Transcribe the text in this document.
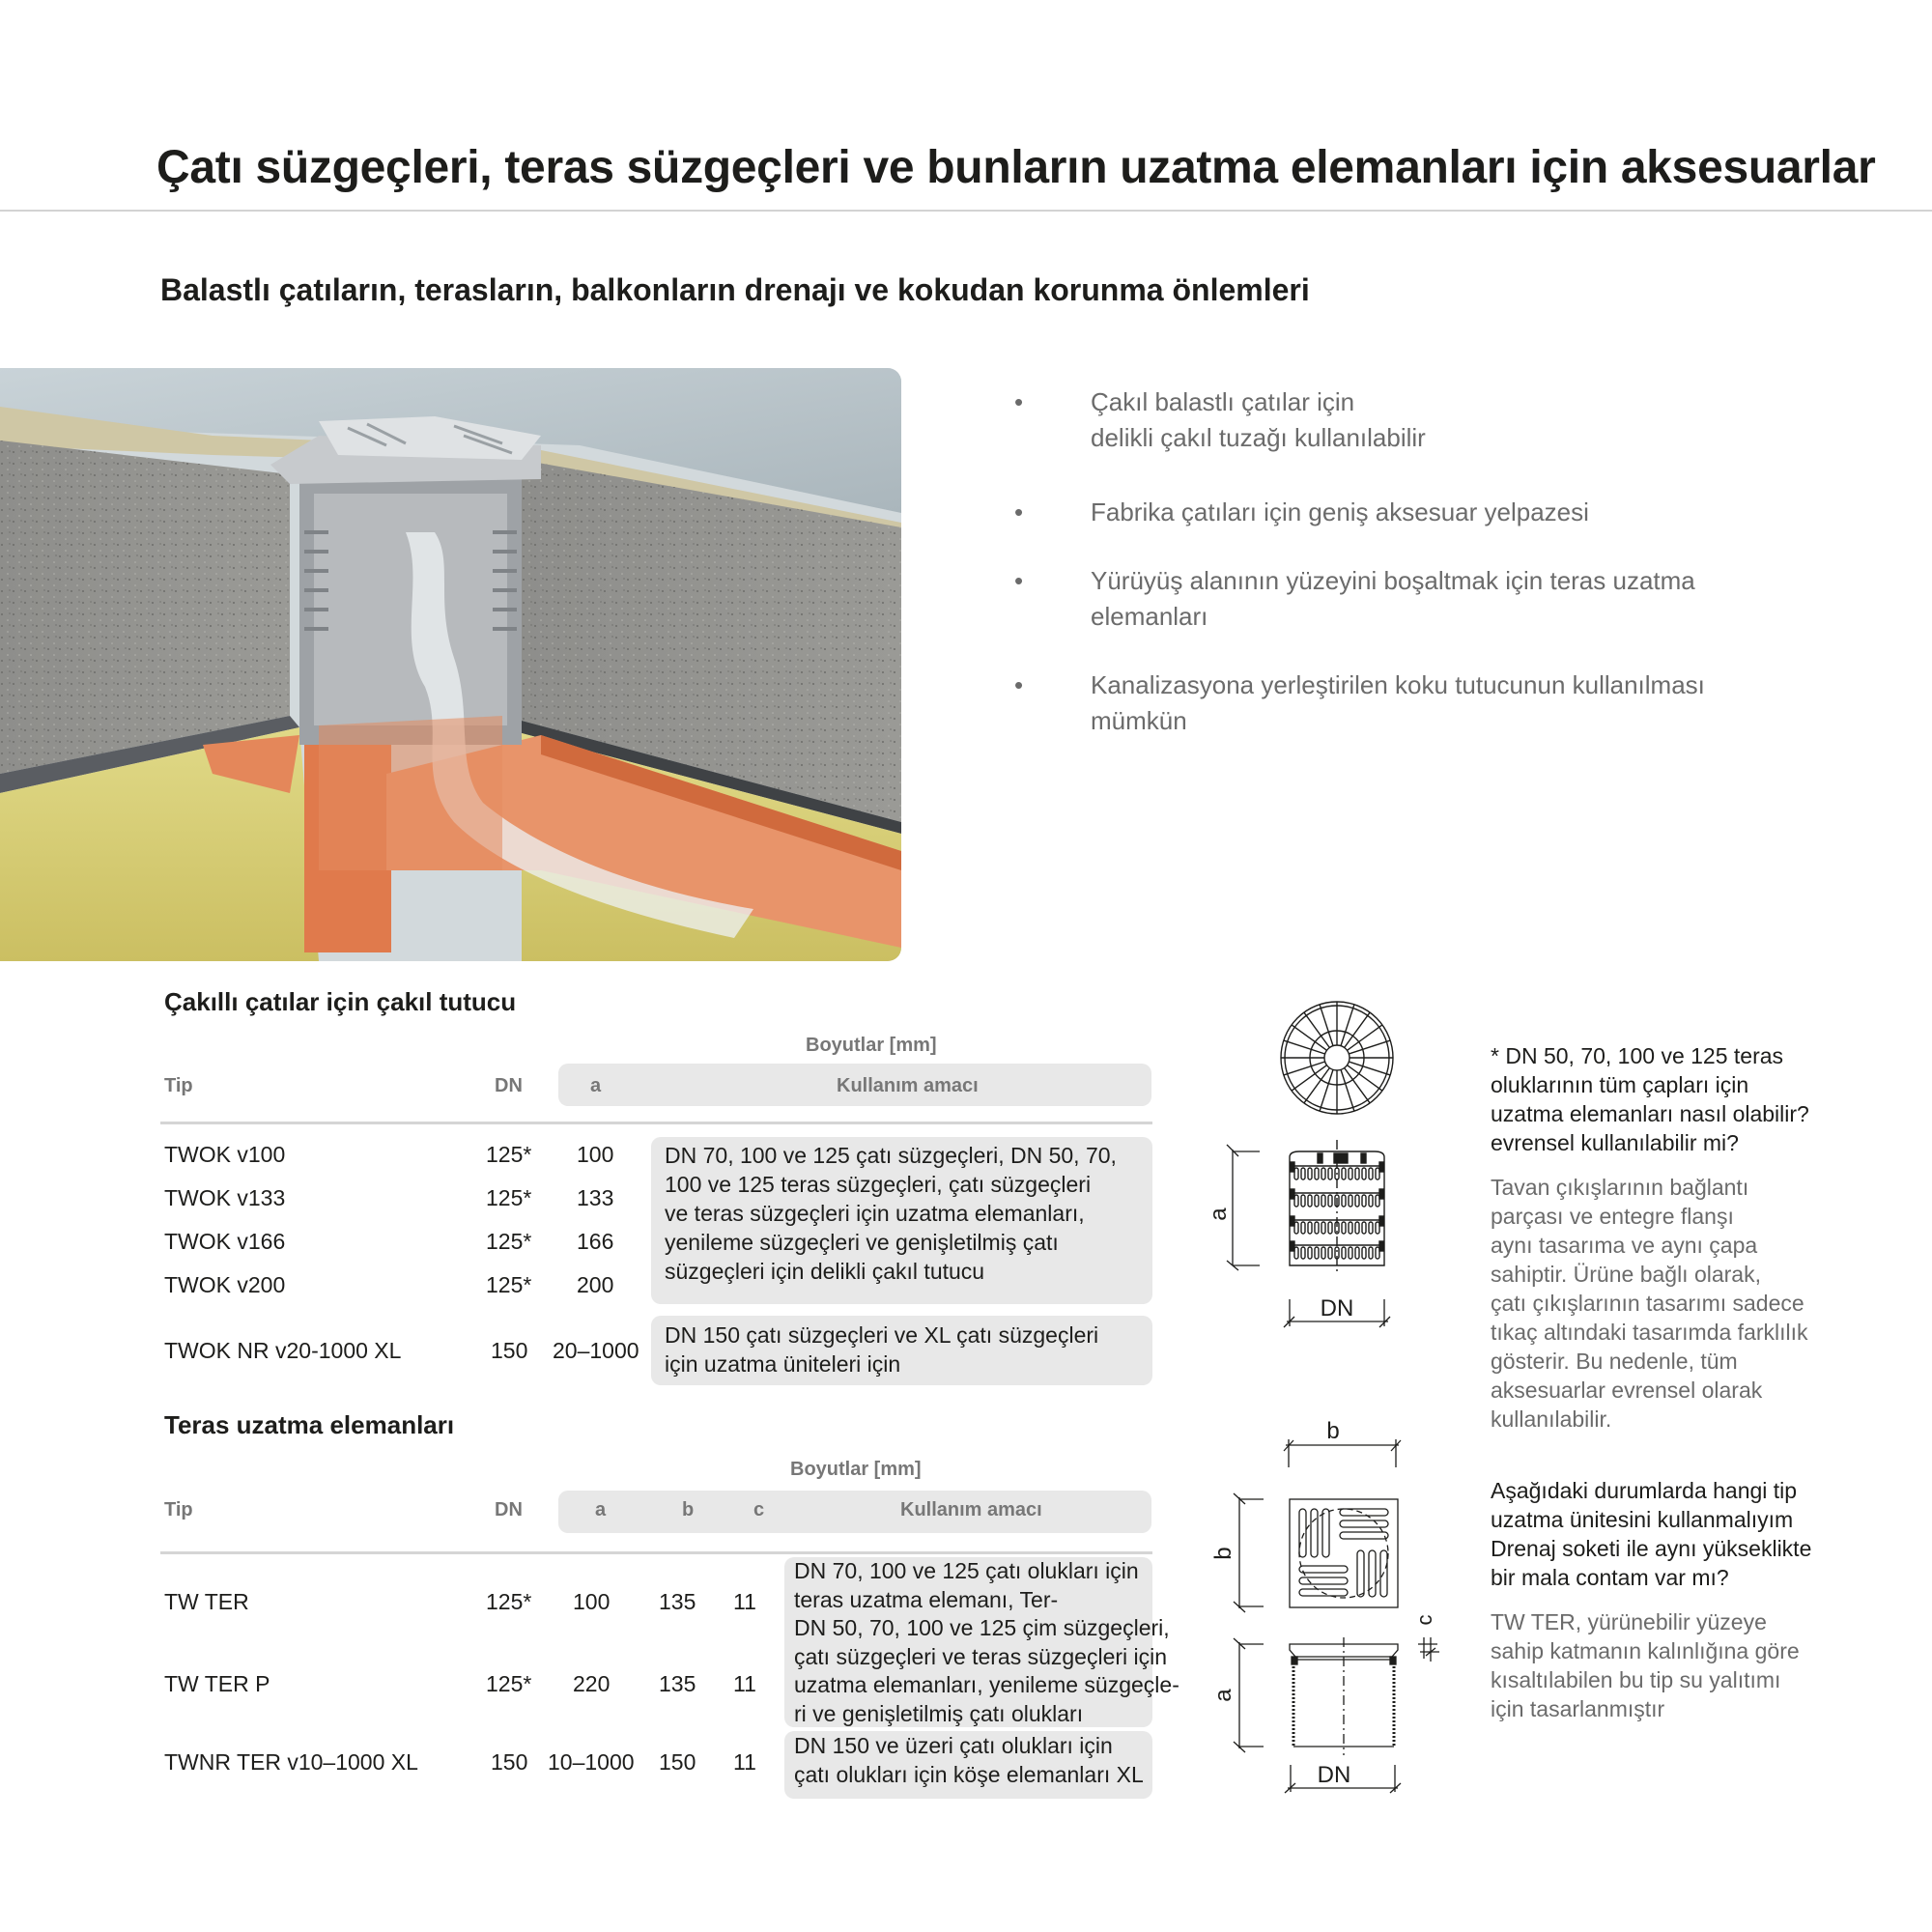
Çatı süzgeçleri, teras süzgeçleri ve bunların uzatma elemanları için aksesuarlar
Balastlı çatıların, terasların, balkonların drenajı ve kokudan korunma önlemleri
•	Çakıl balastlı çatılar için
delikli çakıl tuzağı kullanılabilir
•	Fabrika çatıları için geniş aksesuar yelpazesi
•	Yürüyüş alanının yüzeyini boşaltmak için teras uzatma
elemanları
•	Kanalizasyona yerleştirilen koku tutucunun kullanılması
mümkün
Çakıllı çatılar için çakıl tutucu
Boyutlar [mm]
Tip	DN	a	Kullanım amacı
TWOK v100	125* 100
TWOK v133	125* 133
TWOK v166	125* 166
TWOK v200	125* 200
DN 70, 100 ve 125 çatı süzgeçleri, DN 50, 70,
100 ve 125 teras süzgeçleri, çatı süzgeçleri
ve teras süzgeçleri için uzatma elemanları,
yenileme süzgeçleri ve genişletilmiş çatı
süzgeçleri için delikli çakıl tutucu
TWOK NR v20-1000 XL	150 20–1000
DN 150 çatı süzgeçleri ve XL çatı süzgeçleri
için uzatma üniteleri için
Teras uzatma elemanları
Boyutlar [mm]
Tip	DN	a	b	c	Kullanım amacı
TW TER	125* 100 135 11
TW TER P	125* 220 135 11
DN 70, 100 ve 125 çatı olukları için
teras uzatma elemanı, Ter-
DN 50, 70, 100 ve 125 çim süzgeçleri,
çatı süzgeçleri ve teras süzgeçleri için
uzatma elemanları, yenileme süzgeçle-
ri ve genişletilmiş çatı olukları
TWNR TER v10–1000 XL	150 10–1000 150 11
DN 150 ve üzeri çatı olukları için
çatı olukları için köşe elemanları XL
a
DN
b
b
a
c
DN
* DN 50, 70, 100 ve 125 teras
oluklarının tüm çapları için
uzatma elemanları nasıl olabilir?
evrensel kullanılabilir mi?
Tavan çıkışlarının bağlantı
parçası ve entegre flanşı
aynı tasarıma ve aynı çapa
sahiptir. Ürüne bağlı olarak,
çatı çıkışlarının tasarımı sadece
tıkaç altındaki tasarımda farklılık
gösterir. Bu nedenle, tüm
aksesuarlar evrensel olarak
kullanılabilir.
Aşağıdaki durumlarda hangi tip
uzatma ünitesini kullanmalıyım
Drenaj soketi ile aynı yükseklikte
bir mala contam var mı?
TW TER, yürünebilir yüzeye
sahip katmanın kalınlığına göre
kısaltılabilen bu tip su yalıtımı
için tasarlanmıştır
